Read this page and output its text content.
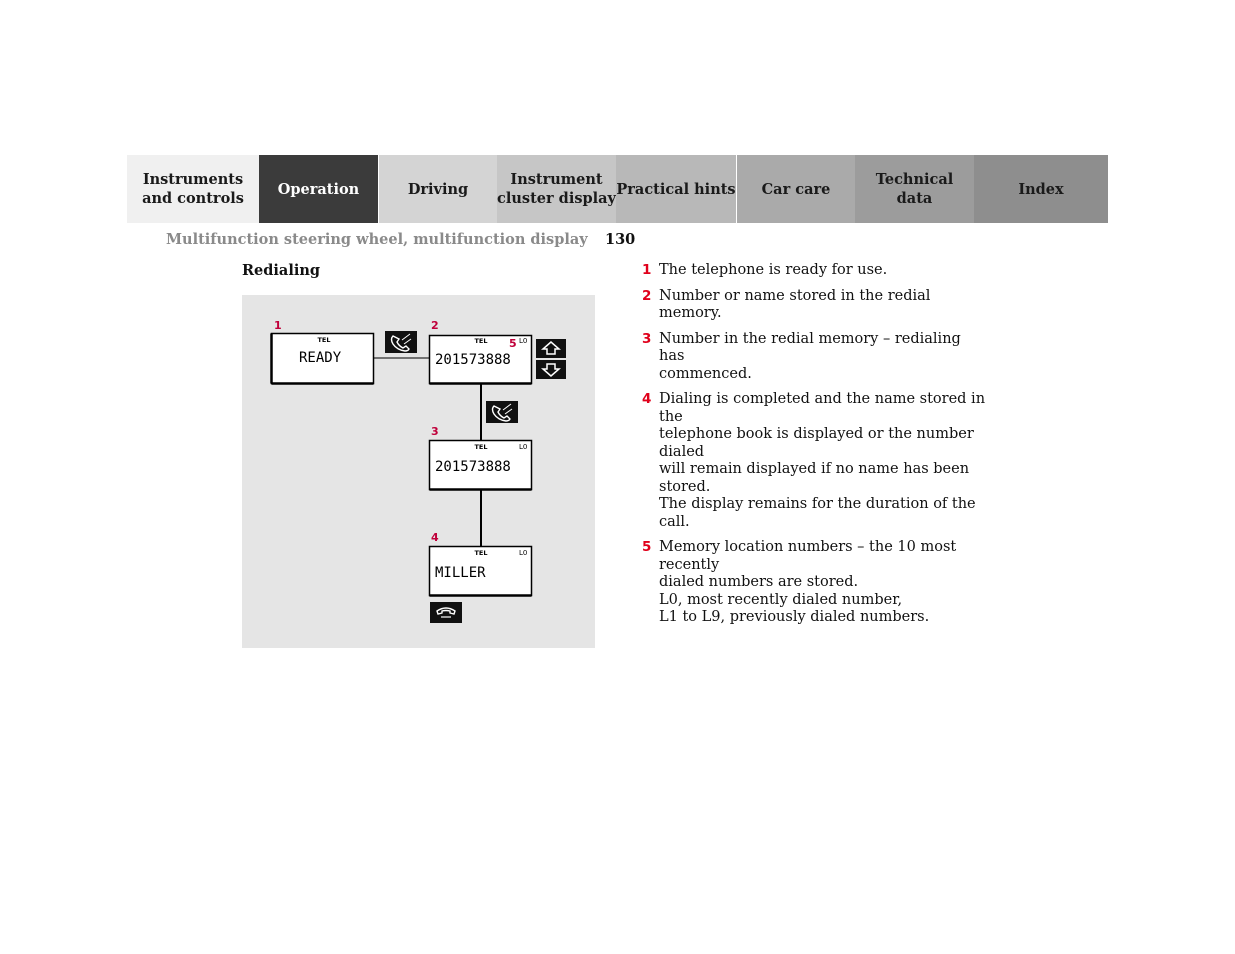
Instruments
and controls
Operation	Driving
Instrument
cluster display
Practical hints	Car care
Technical
data
Index
Multifunction steering wheel, multifunction display 130
Redialing
1
TEL
READY
2
TEL 5 L0
201573888
3
TEL	L0
201573888
4
TEL	L0
MILLER
1 The telephone is ready for use.
2 Number or name stored in the redial memory.
3 Number in the redial memory – redialing has
commenced.
4 Dialing is completed and the name stored in the
telephone book is displayed or the number dialed
will remain displayed if no name has been stored.
The display remains for the duration of the call.
5 Memory location numbers – the 10 most recently
dialed numbers are stored.
L0, most recently dialed number,
L1 to L9, previously dialed numbers.
